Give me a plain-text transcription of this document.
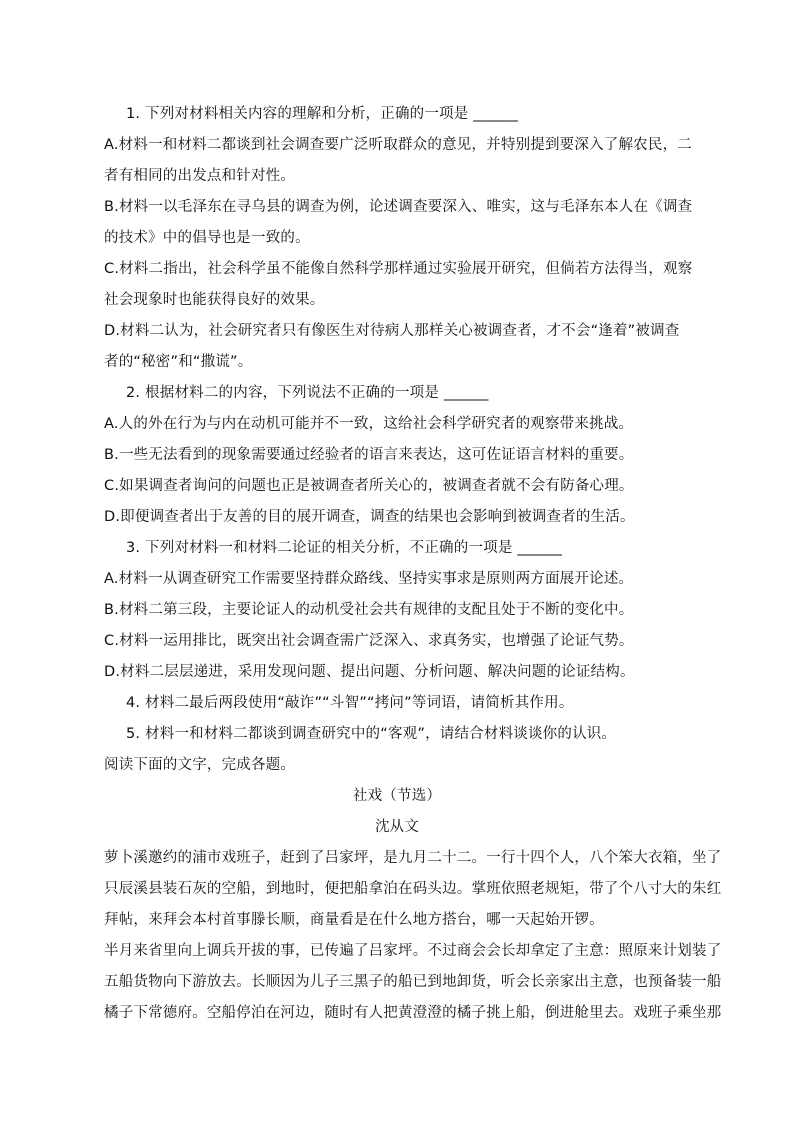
1. 下列对材料相关内容的理解和分析，正确的一项是 ______
A.材料一和材料二都谈到社会调查要广泛听取群众的意见，并特别提到要深入了解农民，二
者有相同的出发点和针对性。
B.材料一以毛泽东在寻乌县的调查为例，论述调查要深入、唯实，这与毛泽东本人在《调查
的技术》中的倡导也是一致的。
C.材料二指出，社会科学虽不能像自然科学那样通过实验展开研究，但倘若方法得当，观察
社会现象时也能获得良好的效果。
D.材料二认为，社会研究者只有像医生对待病人那样关心被调查者，才不会“逢着”被调查
者的“秘密”和“撒谎”。
2. 根据材料二的内容，下列说法不正确的一项是 ______
A.人的外在行为与内在动机可能并不一致，这给社会科学研究者的观察带来挑战。
B.一些无法看到的现象需要通过经验者的语言来表达，这可佐证语言材料的重要。
C.如果调查者询问的问题也正是被调查者所关心的，被调查者就不会有防备心理。
D.即便调查者出于友善的目的展开调查，调查的结果也会影响到被调查者的生活。
3. 下列对材料一和材料二论证的相关分析，不正确的一项是 ______
A.材料一从调查研究工作需要坚持群众路线、坚持实事求是原则两方面展开论述。
B.材料二第三段，主要论证人的动机受社会共有规律的支配且处于不断的变化中。
C.材料一运用排比，既突出社会调查需广泛深入、求真务实，也增强了论证气势。
D.材料二层层递进，采用发现问题、提出问题、分析问题、解决问题的论证结构。
4. 材料二最后两段使用“敲诈”“斗智”“拷问”等词语，请简析其作用。
5. 材料一和材料二都谈到调查研究中的“客观”，请结合材料谈谈你的认识。
阅读下面的文字，完成各题。
社戏（节选）
沈从文
萝卜溪邀约的浦市戏班子，赶到了吕家坪，是九月二十二。一行十四个人，八个笨大衣箱，坐了
只辰溪县装石灰的空船，到地时，便把船拿泊在码头边。掌班依照老规矩，带了个八寸大的朱红
拜帖，来拜会本村首事滕长顺，商量看是在什么地方搭台，哪一天起始开锣。
半月来省里向上调兵开拔的事，已传遍了吕家坪。不过商会会长却拿定了主意：照原来计划装了
五船货物向下游放去。长顺因为儿子三黑子的船已到地卸货，听会长亲家出主意，也预备装一船
橘子下常德府。空船停泊在河边，随时有人把黄澄澄的橘子挑上船，倒进舱里去。戏班子乘坐那
